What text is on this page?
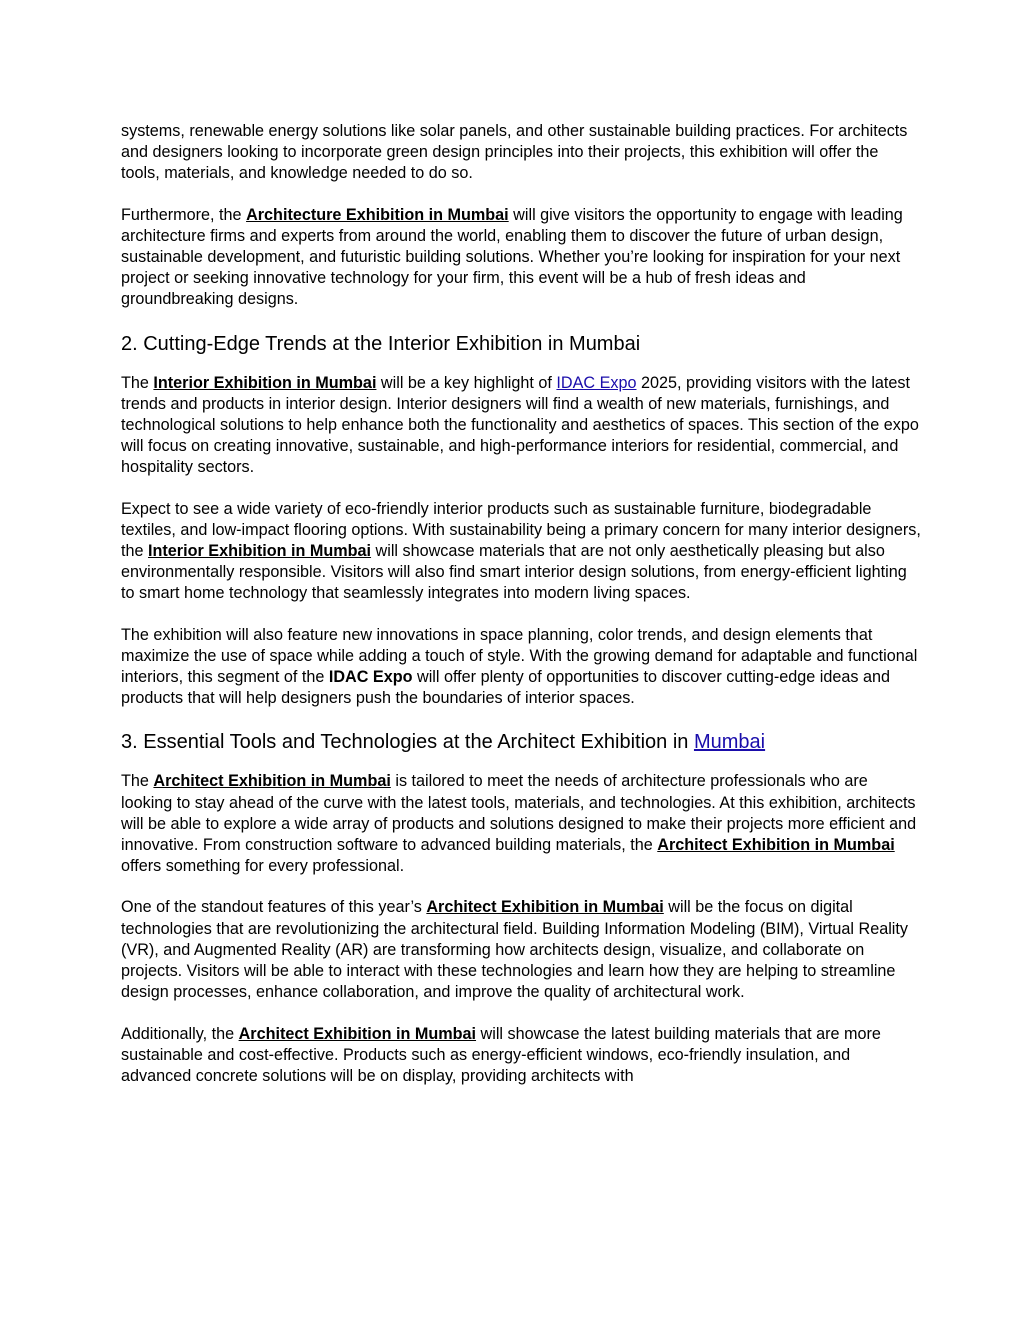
systems, renewable energy solutions like solar panels, and other sustainable building practices. For architects and designers looking to incorporate green design principles into their projects, this exhibition will offer the tools, materials, and knowledge needed to do so.

Furthermore, the Architecture Exhibition in Mumbai will give visitors the opportunity to engage with leading architecture firms and experts from around the world, enabling them to discover the future of urban design, sustainable development, and futuristic building solutions. Whether you’re looking for inspiration for your next project or seeking innovative technology for your firm, this event will be a hub of fresh ideas and groundbreaking designs.

2. Cutting-Edge Trends at the Interior Exhibition in Mumbai

The Interior Exhibition in Mumbai will be a key highlight of IDAC Expo 2025, providing visitors with the latest trends and products in interior design. Interior designers will find a wealth of new materials, furnishings, and technological solutions to help enhance both the functionality and aesthetics of spaces. This section of the expo will focus on creating innovative, sustainable, and high-performance interiors for residential, commercial, and hospitality sectors.

Expect to see a wide variety of eco-friendly interior products such as sustainable furniture, biodegradable textiles, and low-impact flooring options. With sustainability being a primary concern for many interior designers, the Interior Exhibition in Mumbai will showcase materials that are not only aesthetically pleasing but also environmentally responsible. Visitors will also find smart interior design solutions, from energy-efficient lighting to smart home technology that seamlessly integrates into modern living spaces.

The exhibition will also feature new innovations in space planning, color trends, and design elements that maximize the use of space while adding a touch of style. With the growing demand for adaptable and functional interiors, this segment of the IDAC Expo will offer plenty of opportunities to discover cutting-edge ideas and products that will help designers push the boundaries of interior spaces.

3. Essential Tools and Technologies at the Architect Exhibition in Mumbai

The Architect Exhibition in Mumbai is tailored to meet the needs of architecture professionals who are looking to stay ahead of the curve with the latest tools, materials, and technologies. At this exhibition, architects will be able to explore a wide array of products and solutions designed to make their projects more efficient and innovative. From construction software to advanced building materials, the Architect Exhibition in Mumbai offers something for every professional.

One of the standout features of this year’s Architect Exhibition in Mumbai will be the focus on digital technologies that are revolutionizing the architectural field. Building Information Modeling (BIM), Virtual Reality (VR), and Augmented Reality (AR) are transforming how architects design, visualize, and collaborate on projects. Visitors will be able to interact with these technologies and learn how they are helping to streamline design processes, enhance collaboration, and improve the quality of architectural work.

Additionally, the Architect Exhibition in Mumbai will showcase the latest building materials that are more sustainable and cost-effective. Products such as energy-efficient windows, eco-friendly insulation, and advanced concrete solutions will be on display, providing architects with
